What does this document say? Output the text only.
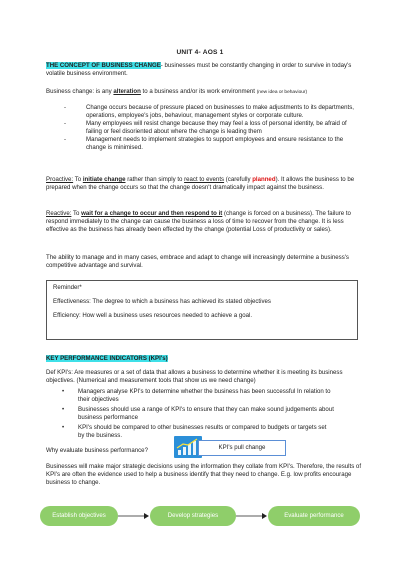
UNIT 4- AOS 1
THE CONCEPT OF BUSINESS CHANGE- businesses must be constantly changing in order to survive in today's volatile business environment.
Business change: is any alteration to a business and/or its work environment (new idea or behaviour)
- Change occurs because of pressure placed on businesses to make adjustments to its departments, operations, employee's jobs, behaviour, management styles or corporate culture.
- Many employees will resist change because they may feel a loss of personal identity, be afraid of failing or feel disoriented about where the change is leading them
- Management needs to implement strategies to support employees and ensure resistance to the change is minimised.
Proactive: To initiate change rather than simply to react to events (carefully planned). It allows the business to be prepared when the change occurs so that the change doesn't dramatically impact against the business.
Reactive: To wait for a change to occur and then respond to it (change is forced on a business). The failure to respond immediately to the change can cause the business a loss of time to recover from the change. It is less effective as the business has already been effected by the change (potential Loss of productivity or sales).
The ability to manage and in many cases, embrace and adapt to change will increasingly determine a business's competitive advantage and survival.

Reminder*

Effectiveness: The degree to which a business has achieved its stated objectives

Efficiency: How well a business uses resources needed to achieve a goal.

KEY PERFORMANCE INDICATORS (KPI's)
Def KPI's: Are measures or a set of data that allows a business to determine whether it is meeting its business objectives. (Numerical and measurement tools that show us we need change)
• Managers analyse KPI's to determine whether the business has been successful In relation to their objectives
• Businesses should use a range of KPI's to ensure that they can make sound judgements about business performance
• KPI's should be compared to other businesses results or compared to budgets or targets set by the business.
Why evaluate business performance?	KPI's pull change
Businesses will make major strategic decisions using the information they collate from KPI's. Therefore, the results of KPI's are often the evidence used to help a business identify that they need to change. E.g. low profits encourage business to change.
Establish objectives	Develop strategies	Evaluate performance
